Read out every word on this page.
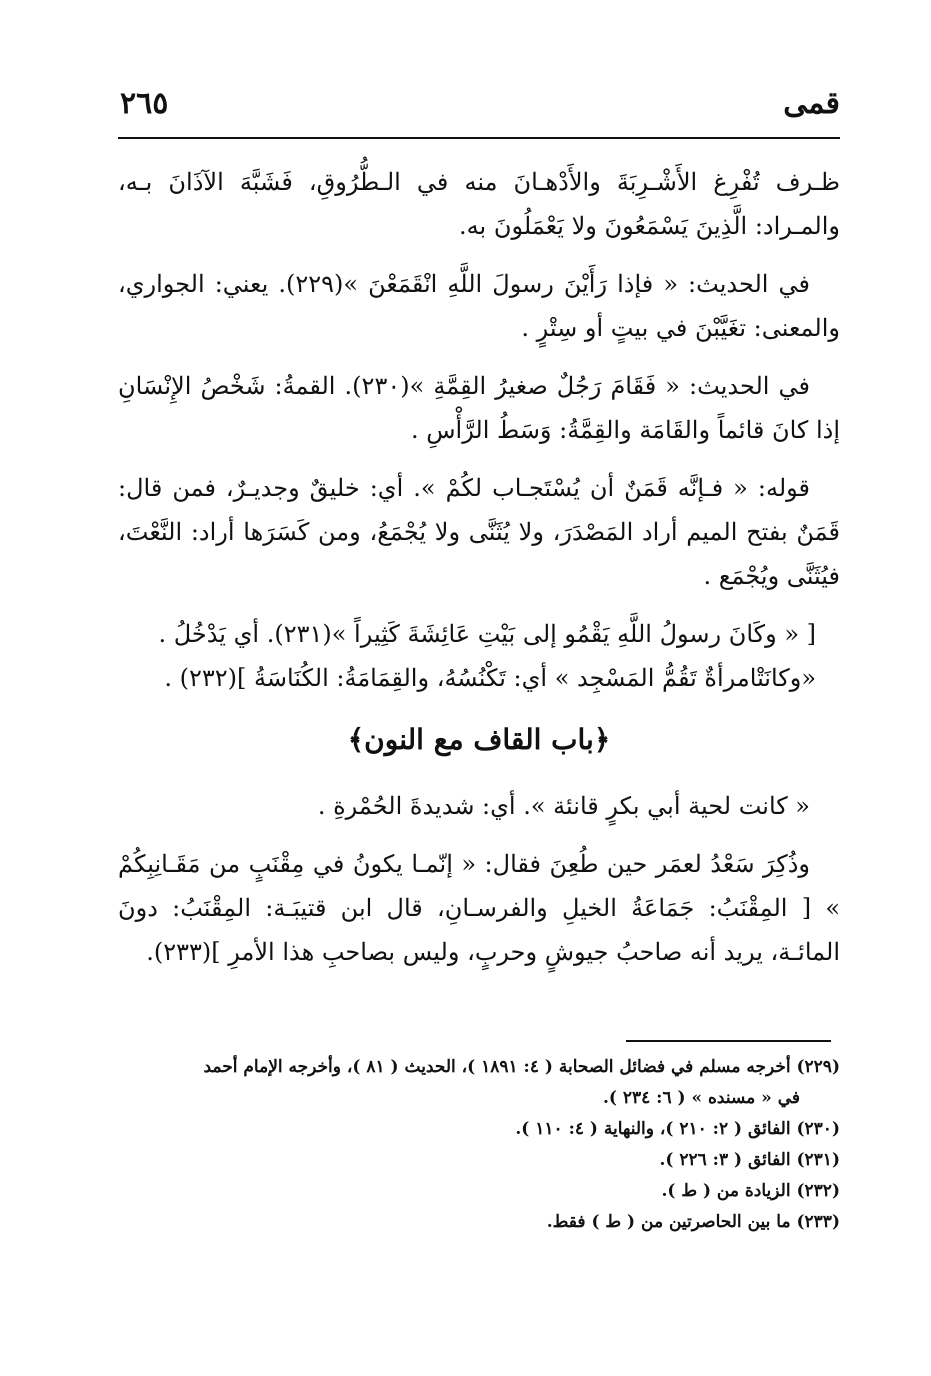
٢٦٥	قمى

ظـرف تُفْرِغ الأَشْـرِبَةَ والأَدْهـانَ منه في الـطُّرُوقِ، فَشَبَّهَ الآذَانَ بـه، والمـراد: الَّذِينَ يَسْمَعُونَ ولا يَعْمَلُونَ به.

في الحديث: « فإذا رَأَيْنَ رسولَ اللَّهِ انْقَمَعْنَ »(٢٢٩). يعني: الجواري، والمعنى: تغَيَّبْنَ في بيتٍ أو سِتْرٍ .

في الحديث: « فَقَامَ رَجُلٌ صغيرُ القِمَّةِ »(٢٣٠). القمةُ: شَخْصُ الإِنْسَانِ إذا كانَ قائماً والقَامَة والقِمَّةُ: وَسَطُ الرَّأْسِ .

قوله: « فـإنَّه قَمَنٌ أن يُسْتَجـاب لكُمْ ». أي: خليقٌ وجديـرٌ، فمن قال: قَمَنٌ بفتح الميم أراد المَصْدَرَ، ولا يُثَنَّى ولا يُجْمَعُ، ومن كَسَرَها أراد: النَّعْتَ، فيُثَنَّى ويُجْمَع .

[ « وكَانَ رسولُ اللَّهِ يَقْمُو إلى بَيْتِ عَائِشَةَ كَثِيراً »(٢٣١). أي يَدْخُلُ .
«وكانَتْامرأةٌ تَقُمُّ المَسْجِد » أي: تَكْنُسُهُ، والقِمَامَةُ: الكُنَاسَةُ ](٢٣٢) .
﴿باب القاف مع النون﴾

« كانت لحية أبي بكرٍ قانئة ». أي: شديدةَ الحُمْرةِ .

وذُكِرَ سَعْدُ لعمَر حين طُعِنَ فقال: « إنّمـا يكونُ في مِقْنَبٍ من مَقَـانِبِكُمْ » [ المِقْنَبُ: جَمَاعَةُ الخيلِ والفرسـانِ، قال ابن قتيبَـة: المِقْنَبُ: دونَ المائـة، يريد أنه صاحبُ جيوشٍ وحربٍ، وليس بصاحبِ هذا الأمرِ ](٢٣٣).

(٢٢٩) أخرجه مسلم في فضائل الصحابة ( ٤: ١٨٩١ )، الحديث ( ٨١ )، وأخرجه الإمام أحمد

في « مسنده » ( ٦: ٢٣٤ ).

(٢٣٠) الفائق ( ٢: ٢١٠ )، والنهاية ( ٤: ١١٠ ).

(٢٣١) الفائق ( ٣: ٢٢٦ ).

(٢٣٢) الزيادة من ( ط ).

(٢٣٣) ما بين الحاصرتين من ( ط ) فقط.
